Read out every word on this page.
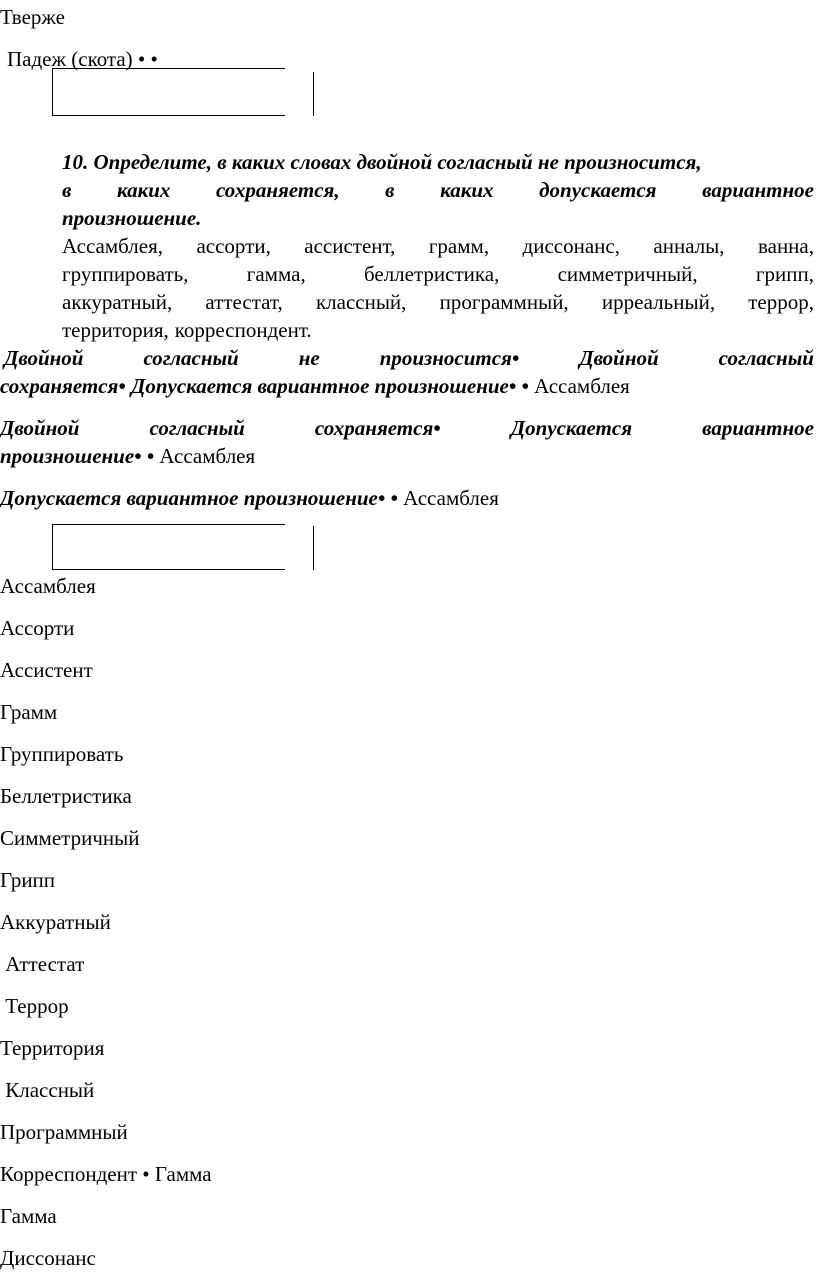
Тверже
Падеж (скота) • •
10. Определите, в каких словах двойной согласный не произносится,
в каких сохраняется, в каких допускается вариантное
произношение.
Ассамблея, ассорти, ассистент, грамм, диссонанс, анналы, ванна,
группировать,	гамма,	беллетристика,	симметричный,	грипп,
аккуратный, аттестат, классный, программный, ирреальный, террор,
территория, корреспондент.
Двойной	согласный	не	произносится•	Двойной	согласный
сохраняется• Допускается вариантное произношение• • Ассамблея
Двойной	согласный	сохраняется•	Допускается	вариантное
произношение• • Ассамблея
Допускается вариантное произношение• • Ассамблея
Ассамблея
Ассорти
Ассистент
Грамм
Группировать
Беллетристика
Симметричный
Грипп
Аккуратный
Аттестат
Террор
Территория
Классный
Программный
Корреспондент • Гамма
Гамма
Диссонанс
